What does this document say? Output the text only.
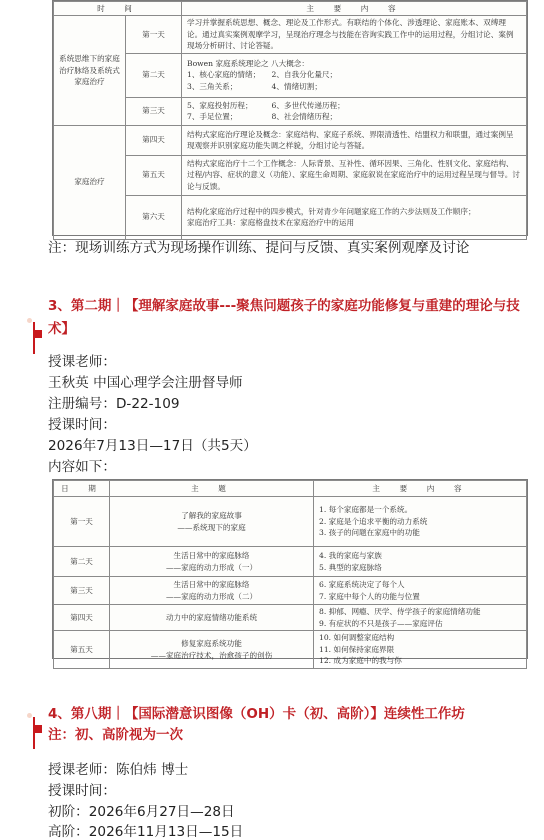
时　间		主　要　内　容
系统思维下的家庭治疗脉络及系统式家庭治疗	第一天	学习并掌握系统思想、概念、理论及工作形式。有联结的个体化、涉透理论、家庭账本、双缚理论。通过真实案例观摩学习，呈现治疗理念与技能在咨询实践工作中的运用过程，分组讨论、案例现场分析研讨、讨论答疑。
	第二天	Bowen 家庭系统理论之 八大概念：
1、核心家庭的情绪；　　2、自我分化量尺；
3、三角关系；　　　　　4、情绪切割；
	第三天	5、家庭投射历程；　　　6、多世代传递历程；
7、手足位置；　　　　　8、社会情绪历程；
家庭治疗	第四天	结构式家庭治疗理论及概念：家庭结构、家庭子系统、界限清透性、结盟权力和联盟，通过案例呈现观察并识别家庭功能失调之样貌，分组讨论与答疑。
	第五天	结构式家庭治疗十二个工作概念：人际背景、互补性、循环因果、三角化、性别文化、家庭结构、过程/内容、症状的意义（功能）、家庭生命周期、家庭叙说在家庭治疗中的运用过程呈现与督导。讨论与反馈。
	第六天	结构化家庭治疗过程中的四步模式，针对青少年问题家庭工作的六步法则及工作顺序；
家庭治疗工具：家庭格盘技术在家庭治疗中的运用
注：现场训练方式为现场操作训练、提问与反馈、真实案例观摩及讨论
3、第二期｜【理解家庭故事---聚焦问题孩子的家庭功能修复与重建的理论与技术】
授课老师：
王秋英 中国心理学会注册督导师
注册编号：D-22-109
授课时间：
2026年7月13日—17日（共5天）
内容如下：
日　期	主　题	主　要　内　容
第一天	了解我的家庭故事
——系统现下的家庭	1. 每个家庭都是一个系统。
2. 家庭是个追求平衡的动力系统
3. 孩子的问题在家庭中的功能
第二天	生活日常中的家庭脉络
——家庭的动力形成（一）	4. 我的家庭与家族
5. 典型的家庭脉络
第三天	生活日常中的家庭脉络
——家庭的动力形成（二）	6. 家庭系统决定了每个人
7. 家庭中每个人的功能与位置
第四天	动力中的家庭情绪功能系统	8. 抑郁、网瘾、厌学、侍学孩子的家庭情绪功能
9. 有症状的不只是孩子——家庭评估
第五天	修复家庭系统功能
——家庭治疗技术，治愈孩子的创伤	10. 如何调整家庭结构
11. 如何保持家庭界限
12. 成为家庭中的我与你
4、第八期｜【国际潜意识图像（OH）卡（初、高阶）】连续性工作坊
注：初、高阶视为一次
授课老师：陈伯炜 博士
授课时间：
初阶：2026年6月27日—28日
高阶：2026年11月13日—15日
